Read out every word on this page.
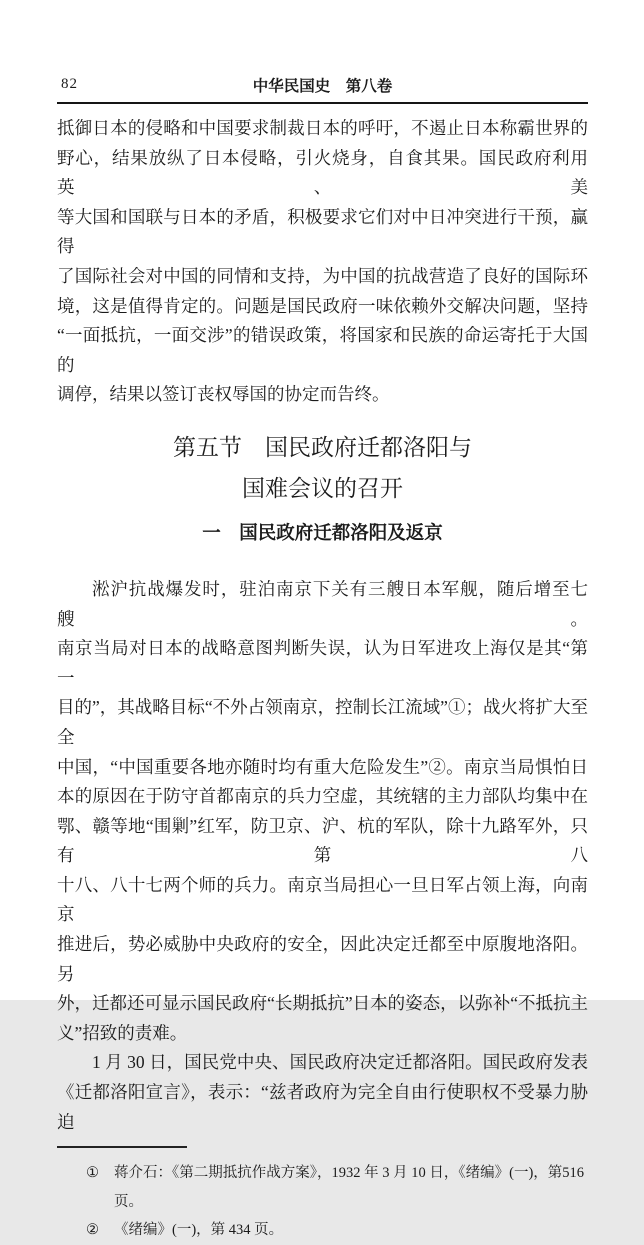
82	中华民国史　第八卷
抵御日本的侵略和中国要求制裁日本的呼吁，不遏止日本称霸世界的
野心，结果放纵了日本侵略，引火烧身，自食其果。国民政府利用英、美
等大国和国联与日本的矛盾，积极要求它们对中日冲突进行干预，赢得
了国际社会对中国的同情和支持，为中国的抗战营造了良好的国际环
境，这是值得肯定的。问题是国民政府一味依赖外交解决问题，坚持
“一面抵抗，一面交涉”的错误政策，将国家和民族的命运寄托于大国的
调停，结果以签订丧权辱国的协定而告终。
第五节　国民政府迁都洛阳与
国难会议的召开
一　国民政府迁都洛阳及返京
淞沪抗战爆发时，驻泊南京下关有三艘日本军舰，随后增至七艘。
南京当局对日本的战略意图判断失误，认为日军进攻上海仅是其“第一
目的”，其战略目标“不外占领南京，控制长江流域”①；战火将扩大至全
中国，“中国重要各地亦随时均有重大危险发生”②。南京当局惧怕日
本的原因在于防守首都南京的兵力空虚，其统辖的主力部队均集中在
鄂、赣等地“围剿”红军，防卫京、沪、杭的军队，除十九路军外，只有第八
十八、八十七两个师的兵力。南京当局担心一旦日军占领上海，向南京
推进后，势必威胁中央政府的安全，因此决定迁都至中原腹地洛阳。另
外，迁都还可显示国民政府“长期抵抗”日本的姿态，以弥补“不抵抗主
义”招致的责难。
1 月 30 日，国民党中央、国民政府决定迁都洛阳。国民政府发表
《迁都洛阳宣言》，表示：“兹者政府为完全自由行使职权不受暴力胁迫
① 蒋介石：《第二期抵抗作战方案》，1932 年 3 月 10 日，《绪编》(一)，第516 页。
② 《绪编》(一)，第 434 页。
